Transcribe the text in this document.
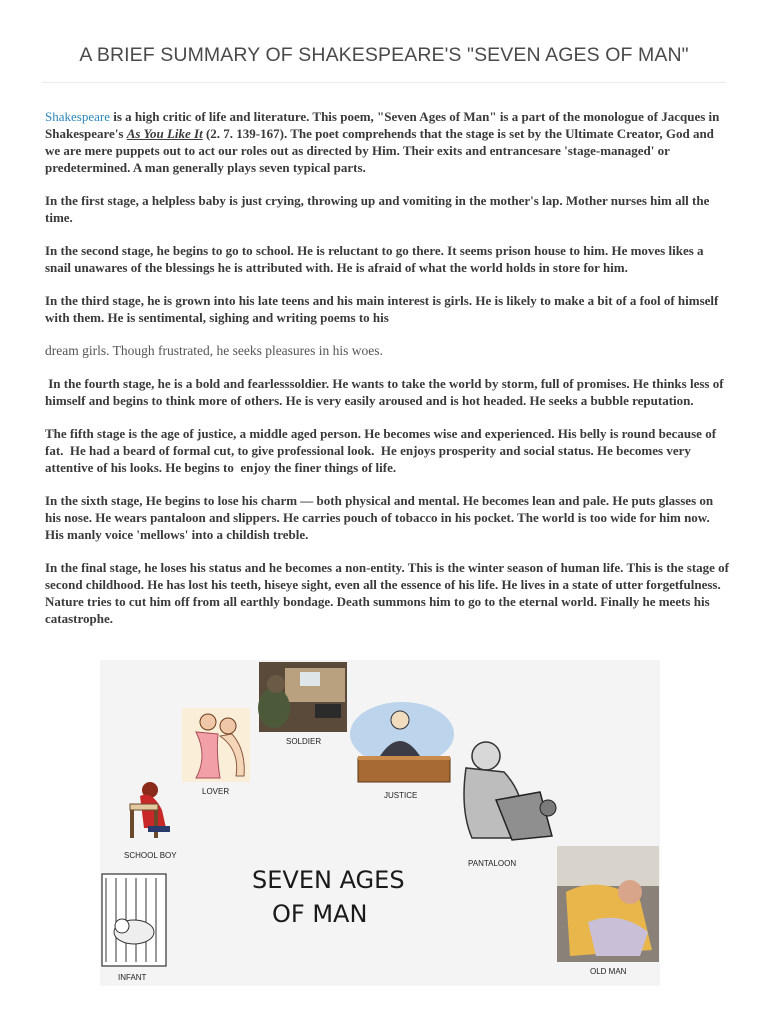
A BRIEF SUMMARY OF SHAKESPEARE'S "SEVEN AGES OF MAN"

Shakespeare is a high critic of life and literature. This poem, "Seven Ages of Man" is a part of the monologue of Jacques in Shakespeare's As You Like It (2. 7. 139-167). The poet comprehends that the stage is set by the Ultimate Creator, God and we are mere puppets out to act our roles out as directed by Him. Their exits and entrancesare 'stage-managed' or predetermined. A man generally plays seven typical parts.

In the first stage, a helpless baby is just crying, throwing up and vomiting in the mother's lap. Mother nurses him all the time.

In the second stage, he begins to go to school. He is reluctant to go there. It seems prison house to him. He moves likes a snail unawares of the blessings he is attributed with. He is afraid of what the world holds in store for him.

In the third stage, he is grown into his late teens and his main interest is girls. He is likely to make a bit of a fool of himself with them. He is sentimental, sighing and writing poems to his

dream girls. Though frustrated, he seeks pleasures in his woes.

In the fourth stage, he is a bold and fearlesssoldier. He wants to take the world by storm, full of promises. He thinks less of himself and begins to think more of others. He is very easily aroused and is hot headed. He seeks a bubble reputation.

The fifth stage is the age of justice, a middle aged person. He becomes wise and experienced. His belly is round because of fat.  He had a beard of formal cut, to give professional look.  He enjoys prosperity and social status. He becomes very attentive of his looks. He begins to  enjoy the finer things of life.

In the sixth stage, He begins to lose his charm — both physical and mental. He becomes lean and pale. He puts glasses on his nose. He wears pantaloon and slippers. He carries pouch of tobacco in his pocket. The world is too wide for him now. His manly voice 'mellows' into a childish treble.

In the final stage, he loses his status and he becomes a non-entity. This is the winter season of human life. This is the stage of second childhood. He has lost his teeth, hiseye sight, even all the essence of his life. He lives in a state of utter forgetfulness. Nature tries to cut him off from all earthly bondage. Death summons him to go to the eternal world. Finally he meets his catastrophe.

SOLDIER
LOVER	JUSTICE
SCHOOL BOY
PANTALOON
INFANT
OLD MAN
SEVEN AGES
OF MAN
